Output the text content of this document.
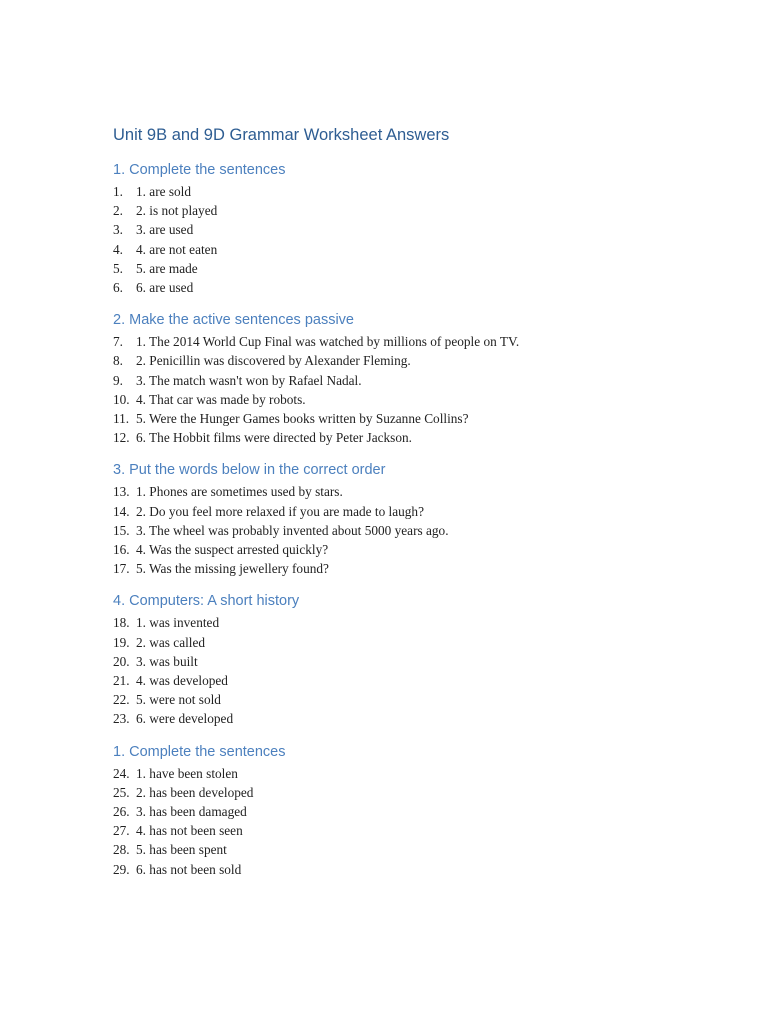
Unit 9B and 9D Grammar Worksheet Answers
1. Complete the sentences
1. 1. are sold
2. 2. is not played
3. 3. are used
4. 4. are not eaten
5. 5. are made
6. 6. are used
2. Make the active sentences passive
7. 1. The 2014 World Cup Final was watched by millions of people on TV.
8. 2. Penicillin was discovered by Alexander Fleming.
9. 3. The match wasn't won by Rafael Nadal.
10. 4. That car was made by robots.
11. 5. Were the Hunger Games books written by Suzanne Collins?
12. 6. The Hobbit films were directed by Peter Jackson.
3. Put the words below in the correct order
13. 1. Phones are sometimes used by stars.
14. 2. Do you feel more relaxed if you are made to laugh?
15. 3. The wheel was probably invented about 5000 years ago.
16. 4. Was the suspect arrested quickly?
17. 5. Was the missing jewellery found?
4. Computers: A short history
18. 1. was invented
19. 2. was called
20. 3. was built
21. 4. was developed
22. 5. were not sold
23. 6. were developed
1. Complete the sentences
24. 1. have been stolen
25. 2. has been developed
26. 3. has been damaged
27. 4. has not been seen
28. 5. has been spent
29. 6. has not been sold
